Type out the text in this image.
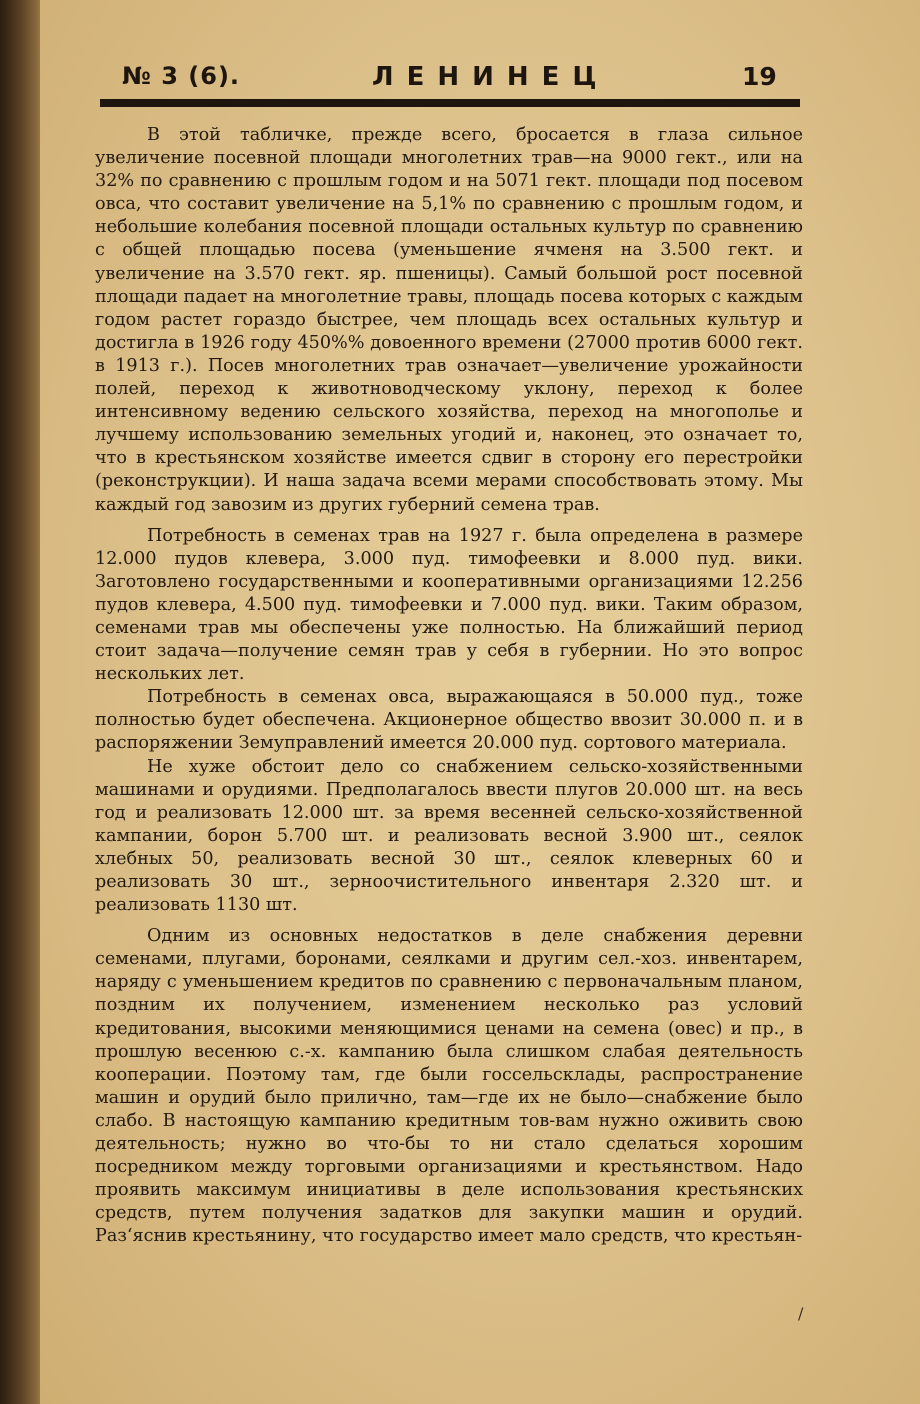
№ 3 (6).	ЛЕНИНЕЦ	19

В этой табличке, прежде всего, бросается в глаза сильное увеличение посевной площади многолетних трав—на 9000 гект., или на 32% по сравнению с прошлым годом и на 5071 гект. площади под посевом овса, что составит увеличение на 5,1% по сравнению с прошлым годом, и небольшие колебания посевной площади остальных культур по сравнению с общей площадью посева (уменьшение ячменя на 3.500 гект. и увеличение на 3.570 гект. яр. пшеницы). Самый большой рост посевной площади падает на многолетние травы, площадь посева которых с каждым годом растет гораздо быстрее, чем площадь всех остальных культур и достигла в 1926 году 450%% довоенного времени (27000 против 6000 гект. в 1913 г.). Посев многолетних трав означает—увеличение урожайности полей, переход к животноводческому уклону, переход к более интенсивному ведению сельского хозяйства, переход на многополье и лучшему использованию земельных угодий и, наконец, это означает то, что в крестьянском хозяйстве имеется сдвиг в сторону его перестройки (реконструкции). И наша задача всеми мерами способствовать этому. Мы каждый год завозим из других губерний семена трав.

Потребность в семенах трав на 1927 г. была определена в размере 12.000 пудов клевера, 3.000 пуд. тимофеевки и 8.000 пуд. вики. Заготовлено государственными и кооперативными организациями 12.256 пудов клевера, 4.500 пуд. тимофеевки и 7.000 пуд. вики. Таким образом, семенами трав мы обеспечены уже полностью. На ближайший период стоит задача—получение семян трав у себя в губернии. Но это вопрос нескольких лет.

Потребность в семенах овса, выражающаяся в 50.000 пуд., тоже полностью будет обеспечена. Акционерное общество ввозит 30.000 п. и в распоряжении Земуправлений имеется 20.000 пуд. сортового материала.

Не хуже обстоит дело со снабжением сельско-хозяйственными машинами и орудиями. Предполагалось ввести плугов 20.000 шт. на весь год и реализовать 12.000 шт. за время весенней сельско-хозяйственной кампании, борон 5.700 шт. и реализовать весной 3.900 шт., сеялок хлебных 50, реализовать весной 30 шт., сеялок клеверных 60 и реализовать 30 шт., зерноочистительного инвентаря 2.320 шт. и реализовать 1130 шт.

Одним из основных недостатков в деле снабжения деревни семенами, плугами, боронами, сеялками и другим сел.-хоз. инвентарем, наряду с уменьшением кредитов по сравнению с первоначальным планом, поздним их получением, изменением несколько раз условий кредитования, высокими меняющимися ценами на семена (овес) и пр., в прошлую весенюю с.-х. кампанию была слишком слабая деятельность кооперации. Поэтому там, где были госсельсклады, распространение машин и орудий было прилично, там—где их не было—снабжение было слабо. В настоящую кампанию кредитным тов-вам нужно оживить свою деятельность; нужно во что-бы то ни стало сделаться хорошим посредником между торговыми организациями и крестьянством. Надо проявить максимум инициативы в деле использования крестьянских средств, путем получения задатков для закупки машин и орудий. Раз‘яснив крестьянину, что государство имеет мало средств, что крестьян-

/
